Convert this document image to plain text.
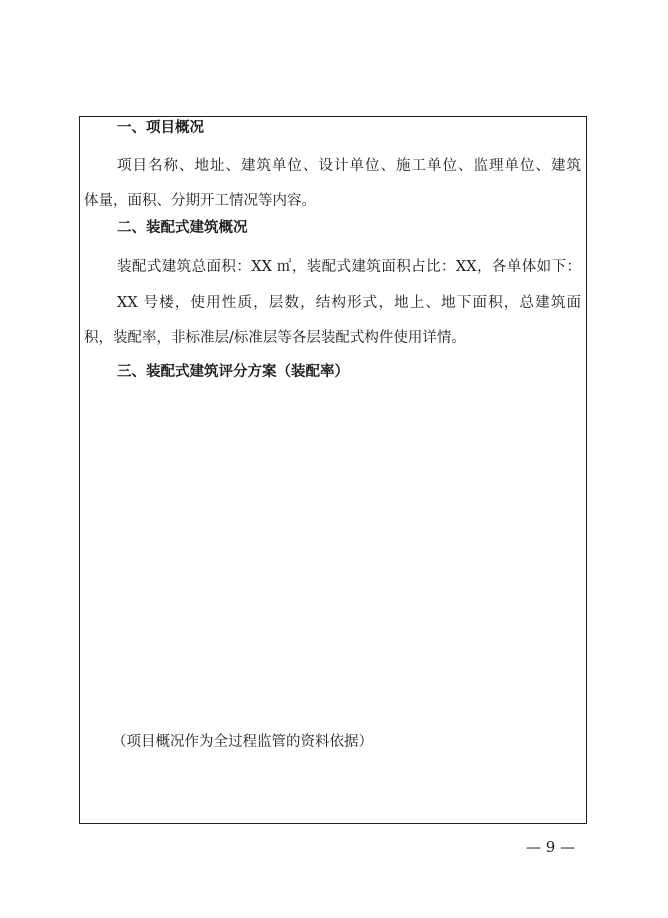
一、项目概况
项目名称、地址、建筑单位、设计单位、施工单位、监理单位、建筑
体量，面积、分期开工情况等内容。
二、装配式建筑概况
装配式建筑总面积：XX ㎡，装配式建筑面积占比：XX，各单体如下：
XX 号楼，使用性质，层数，结构形式，地上、地下面积，总建筑面
积，装配率，非标准层/标准层等各层装配式构件使用详情。
三、装配式建筑评分方案（装配率）
（项目概况作为全过程监管的资料依据）
— 9 —
